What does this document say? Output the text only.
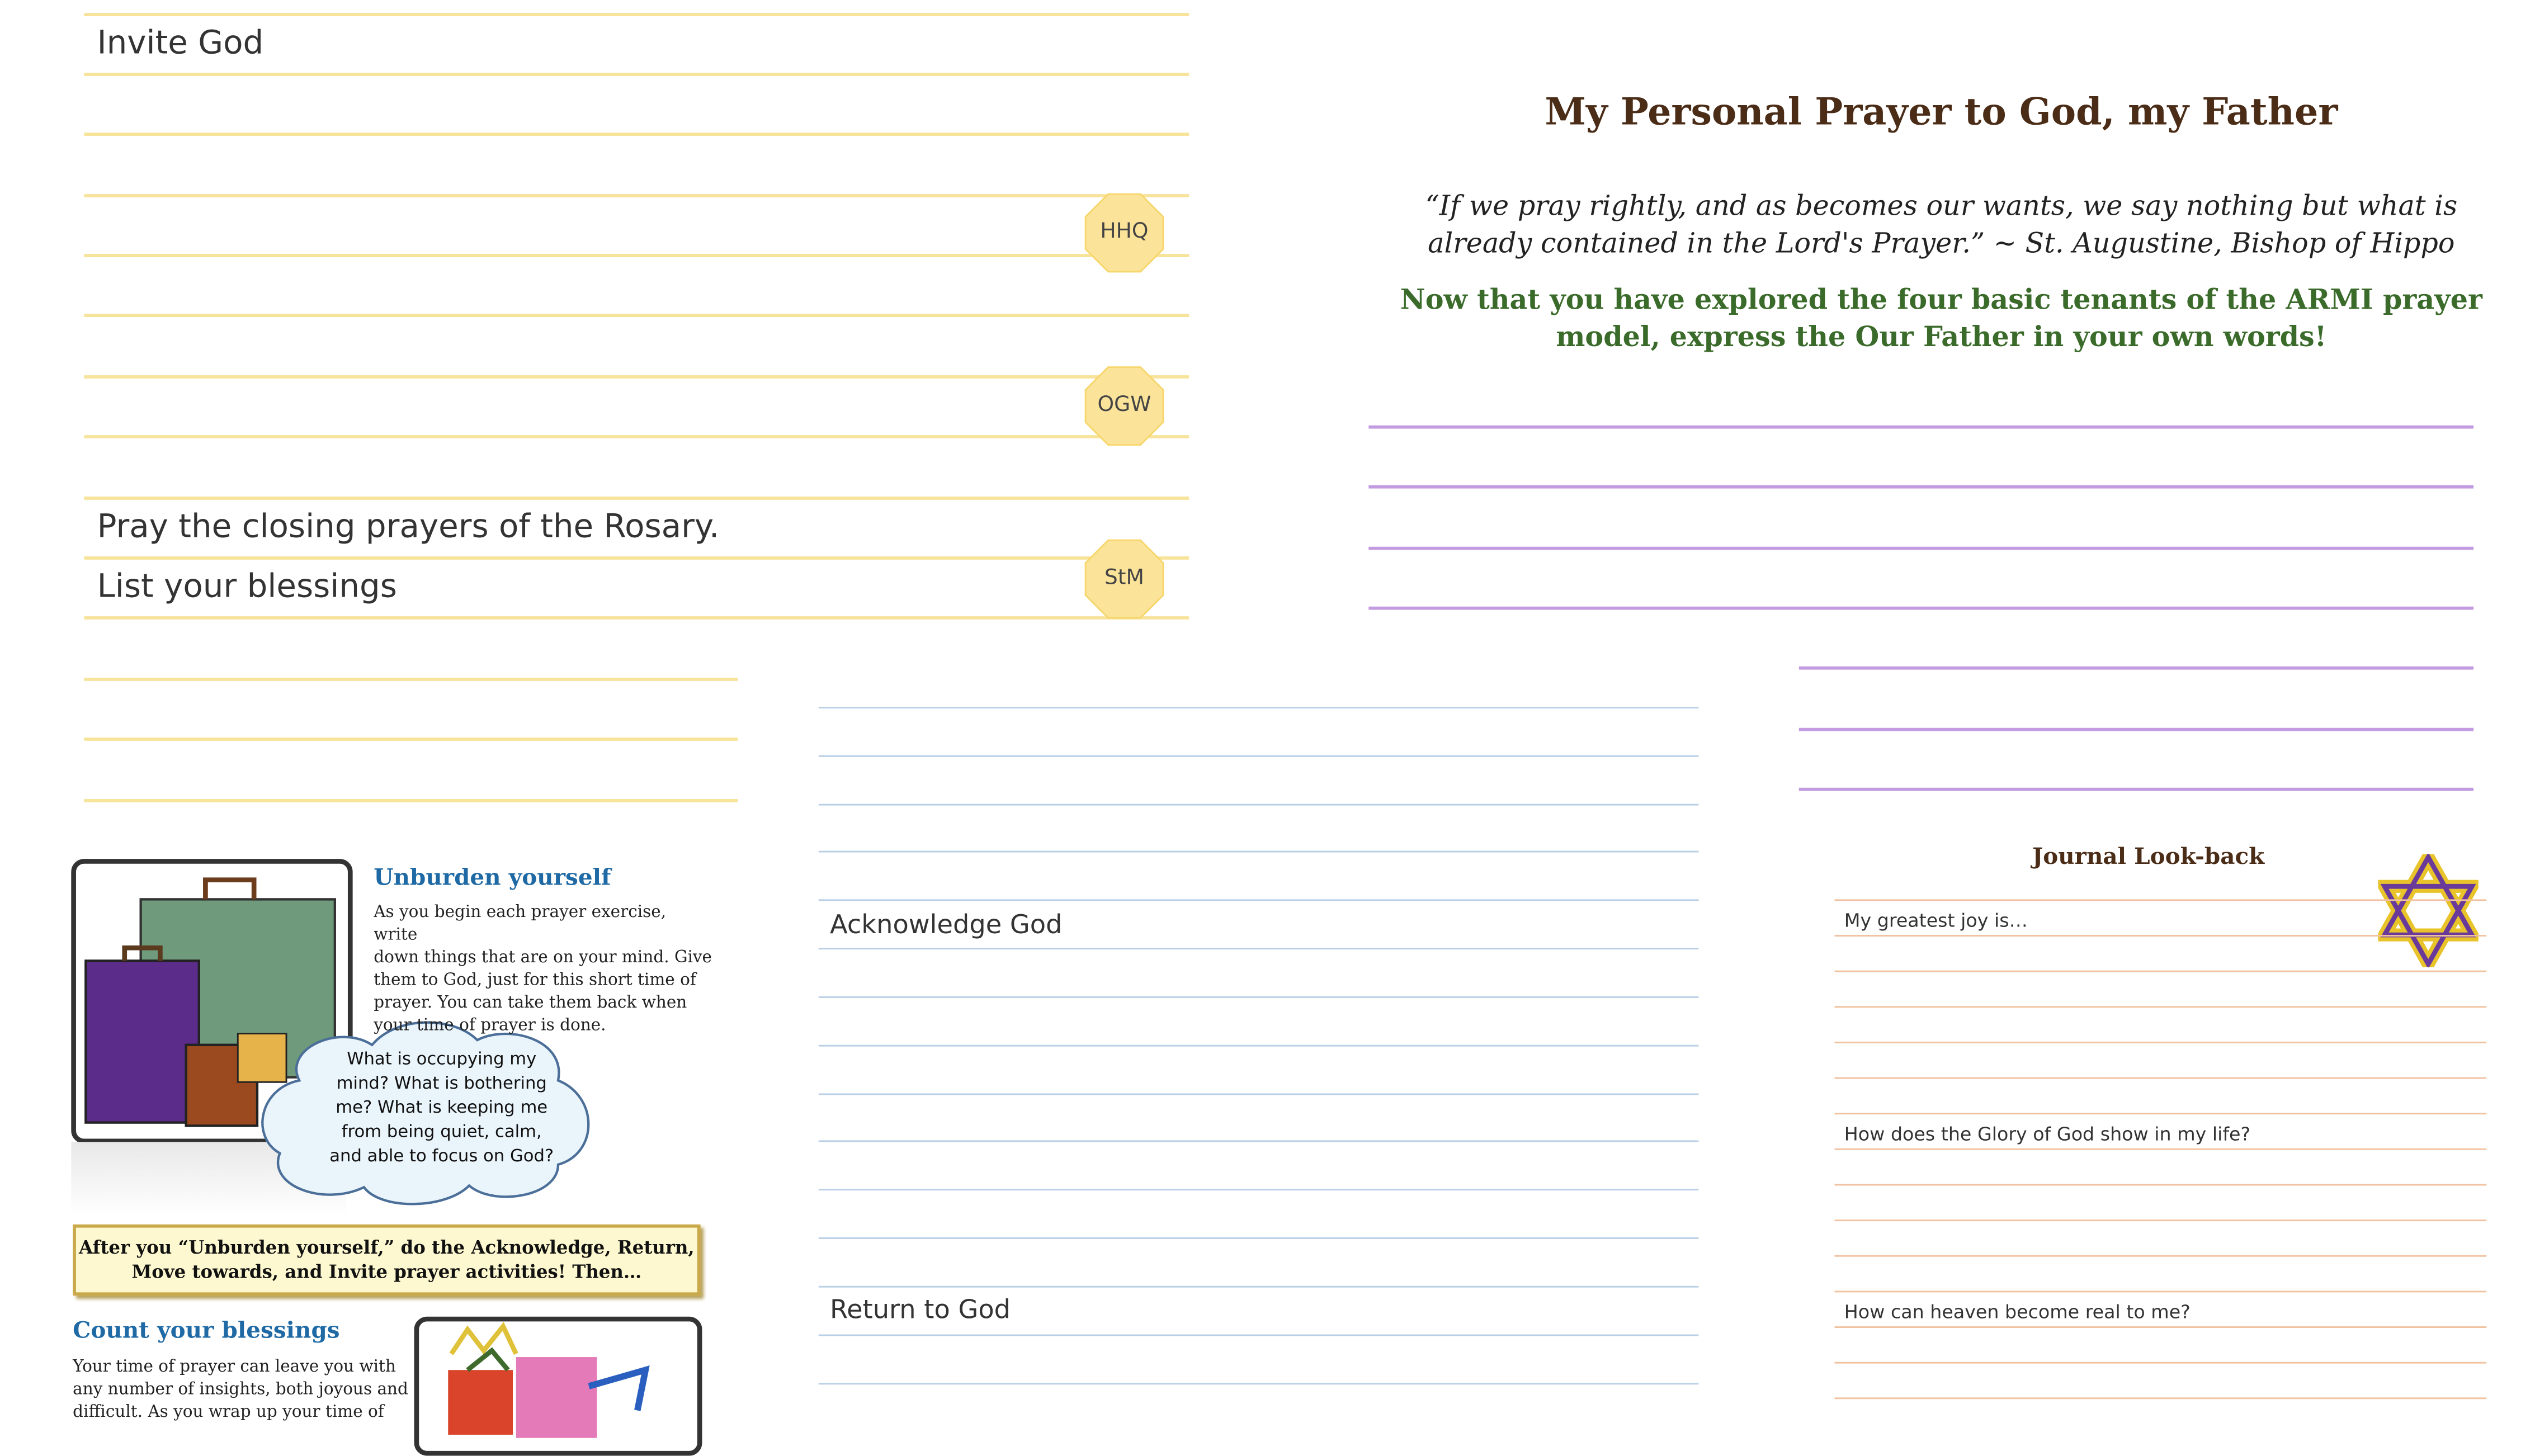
Invite God
Pray the closing prayers of the Rosary.
List your blessings
HHQ
OGW
StM
My Personal Prayer to God, my Father
“If we pray rightly, and as becomes our wants, we say nothing but what is
already contained in the Lord's Prayer.” ~ St. Augustine, Bishop of Hippo
Now that you have explored the four basic tenants of the ARMI prayer
model, express the Our Father in your own words!
Acknowledge God
Return to God
What is occupying my
mind? What is bothering
me? What is keeping me
from being quiet, calm,
and able to focus on God?
Unburden yourself
As you begin each prayer exercise, write
down things that are on your mind. Give
them to God, just for this short time of
prayer. You can take them back when
your time of prayer is done.
After you “Unburden yourself,” do the Acknowledge, Return,
Move towards, and Invite prayer activities! Then…
Count your blessings
Your time of prayer can leave you with
any number of insights, both joyous and
difficult. As you wrap up your time of
Journal Look-back
My greatest joy is…
How does the Glory of God show in my life?
How can heaven become real to me?
